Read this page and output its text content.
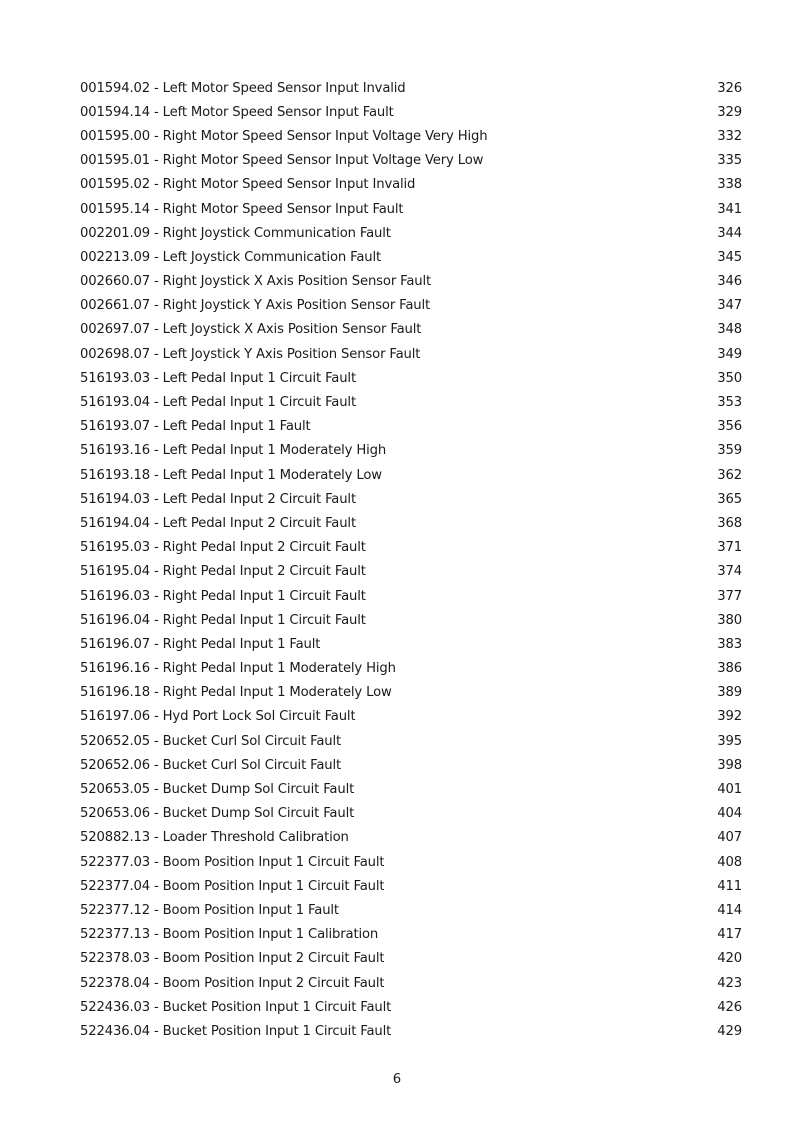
001594.02 - Left Motor Speed Sensor Input Invalid	326
001594.14 - Left Motor Speed Sensor Input Fault	329
001595.00 - Right Motor Speed Sensor Input Voltage Very High	332
001595.01 - Right Motor Speed Sensor Input Voltage Very Low	335
001595.02 - Right Motor Speed Sensor Input Invalid	338
001595.14 - Right Motor Speed Sensor Input Fault	341
002201.09 - Right Joystick Communication Fault	344
002213.09 - Left Joystick Communication Fault	345
002660.07 - Right Joystick X Axis Position Sensor Fault	346
002661.07 - Right Joystick Y Axis Position Sensor Fault	347
002697.07 - Left Joystick X Axis Position Sensor Fault	348
002698.07 - Left Joystick Y Axis Position Sensor Fault	349
516193.03 - Left Pedal Input 1 Circuit Fault	350
516193.04 - Left Pedal Input 1 Circuit Fault	353
516193.07 - Left Pedal Input 1 Fault	356
516193.16 - Left Pedal Input 1 Moderately High	359
516193.18 - Left Pedal Input 1 Moderately Low	362
516194.03 - Left Pedal Input 2 Circuit Fault	365
516194.04 - Left Pedal Input 2 Circuit Fault	368
516195.03 - Right Pedal Input 2 Circuit Fault	371
516195.04 - Right Pedal Input 2 Circuit Fault	374
516196.03 - Right Pedal Input 1 Circuit Fault	377
516196.04 - Right Pedal Input 1 Circuit Fault	380
516196.07 - Right Pedal Input 1 Fault	383
516196.16 - Right Pedal Input 1 Moderately High	386
516196.18 - Right Pedal Input 1 Moderately Low	389
516197.06 - Hyd Port Lock Sol Circuit Fault	392
520652.05 - Bucket Curl Sol Circuit Fault	395
520652.06 - Bucket Curl Sol Circuit Fault	398
520653.05 - Bucket Dump Sol Circuit Fault	401
520653.06 - Bucket Dump Sol Circuit Fault	404
520882.13 - Loader Threshold Calibration	407
522377.03 - Boom Position Input 1 Circuit Fault	408
522377.04 - Boom Position Input 1 Circuit Fault	411
522377.12 - Boom Position Input 1 Fault	414
522377.13 - Boom Position Input 1 Calibration	417
522378.03 - Boom Position Input 2 Circuit Fault	420
522378.04 - Boom Position Input 2 Circuit Fault	423
522436.03 - Bucket Position Input 1 Circuit Fault	426
522436.04 - Bucket Position Input 1 Circuit Fault	429
6
